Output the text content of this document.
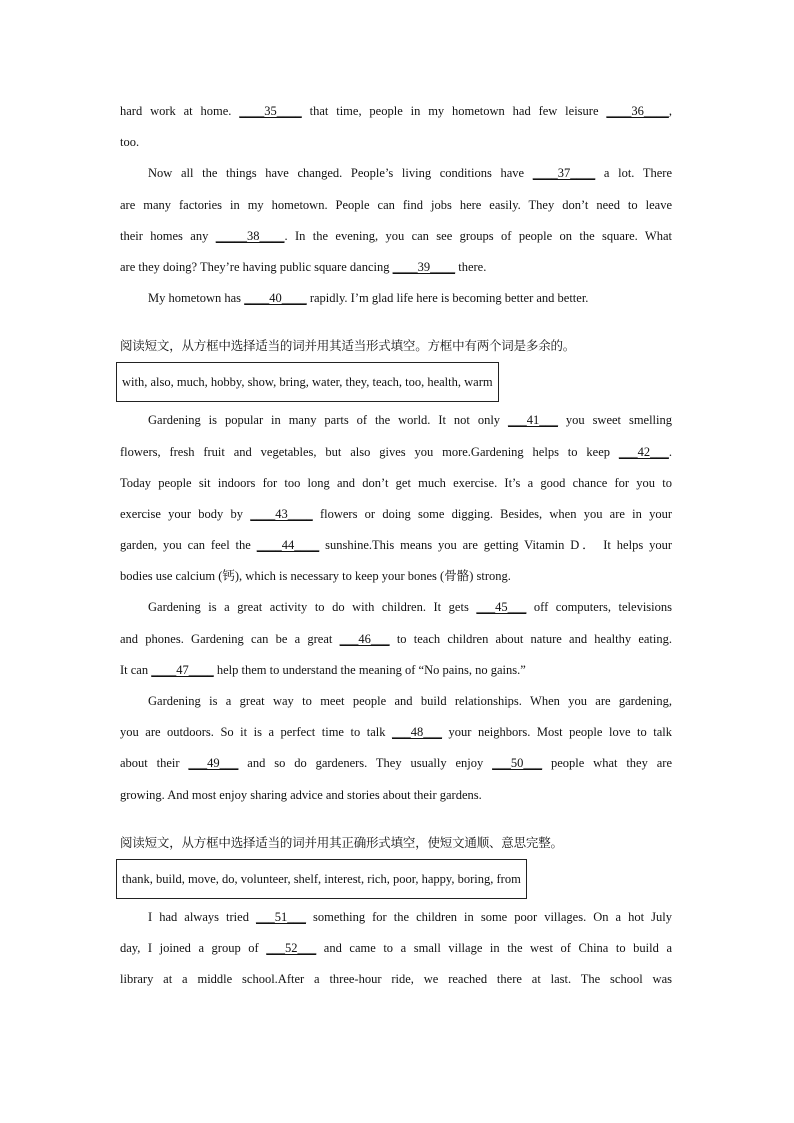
hard work at home. ____35____ that time, people in my hometown had few leisure ____36____,
too.
Now all the things have changed. People’s living conditions have ____37____ a lot. There
are many factories in my hometown. People can find jobs here easily. They don’t need to leave
their homes any _____38____. In the evening, you can see groups of people on the square. What
are they doing? They’re having public square dancing ____39____ there.
My hometown has ____40____ rapidly. I’m glad life here is becoming better and better.
阅读短文，从方框中选择适当的词并用其适当形式填空。方框中有两个词是多余的。
with, also, much, hobby, show, bring, water, they, teach, too, health, warm
Gardening is popular in many parts of the world. It not only ___41___ you sweet smelling
flowers, fresh fruit and vegetables, but also gives you more.Gardening helps to keep ___42___.
Today people sit indoors for too long and don’t get much exercise. It’s a good chance for you to
exercise your body by ____43____ flowers or doing some digging. Besides, when you are in your
garden, you can feel the ____44____ sunshine.This means you are getting Vitamin D． It helps your
bodies use calcium (钙), which is necessary to keep your bones (骨骼) strong.
Gardening is a great activity to do with children. It gets ___45___ off computers, televisions
and phones. Gardening can be a great ___46___ to teach children about nature and healthy eating.
It can ____47____ help them to understand the meaning of “No pains, no gains.”
Gardening is a great way to meet people and build relationships. When you are gardening,
you are outdoors. So it is a perfect time to talk ___48___ your neighbors. Most people love to talk
about their ___49___ and so do gardeners. They usually enjoy ___50___ people what they are
growing. And most enjoy sharing advice and stories about their gardens.
阅读短文，从方框中选择适当的词并用其正确形式填空，使短文通顺、意思完整。
thank, build, move, do, volunteer, shelf, interest, rich, poor, happy, boring, from
I had always tried ___51___ something for the children in some poor villages. On a hot July
day, I joined a group of ___52___ and came to a small village in the west of China to build a
library at a middle school.After a three-hour ride, we reached there at last. The school was
